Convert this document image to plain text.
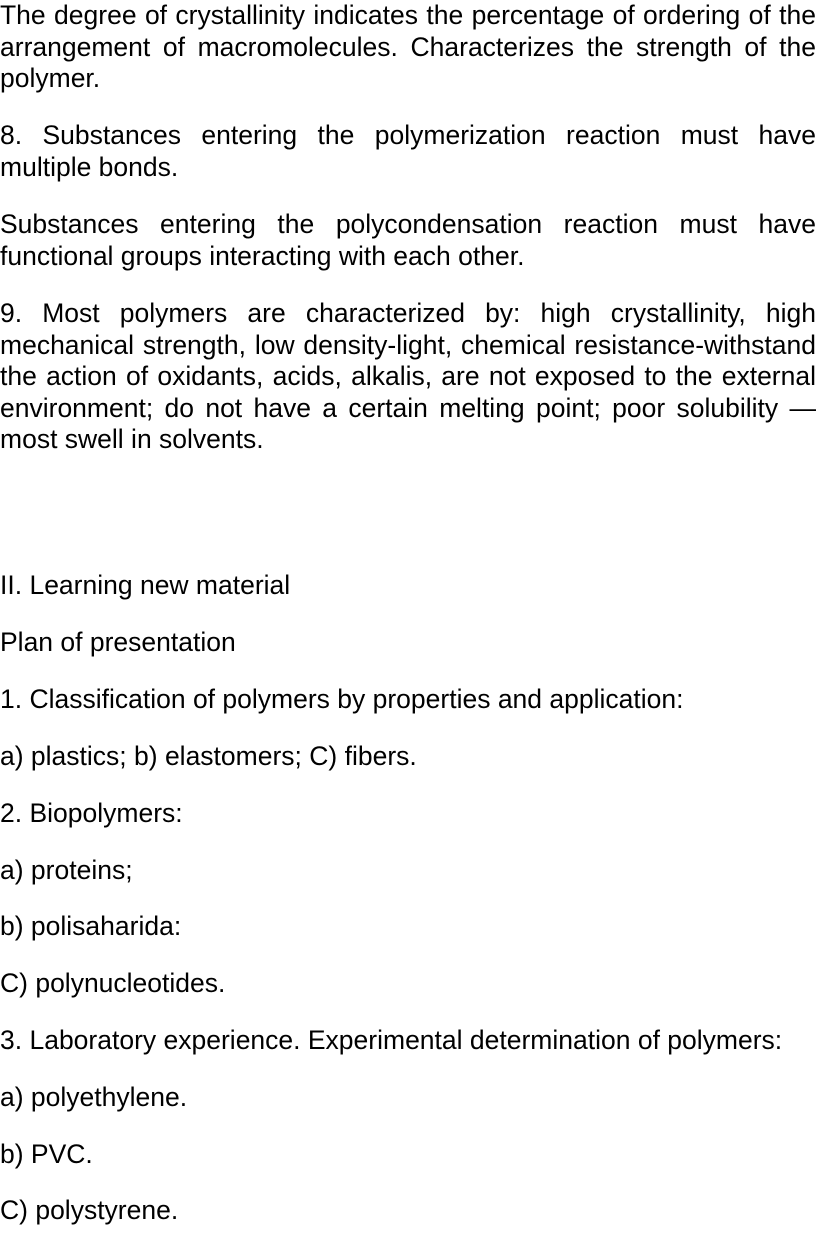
The degree of crystallinity indicates the percentage of ordering of the arrangement of macromolecules. Characterizes the strength of the polymer.

8. Substances entering the polymerization reaction must have multiple bonds.

Substances entering the polycondensation reaction must have functional groups interacting with each other.

9. Most polymers are characterized by: high crystallinity, high mechanical strength, low density-light, chemical resistance-withstand the action of oxidants, acids, alkalis, are not exposed to the external environment; do not have a certain melting point; poor solubility — most swell in solvents.

II. Learning new material
Plan of presentation
1. Classification of polymers by properties and application:
a) plastics; b) elastomers; C) fibers.
2. Biopolymers:
a) proteins;
b) polisaharida:
C) polynucleotides.
3. Laboratory experience. Experimental determination of polymers:
a) polyethylene.
b) PVC.
C) polystyrene.
